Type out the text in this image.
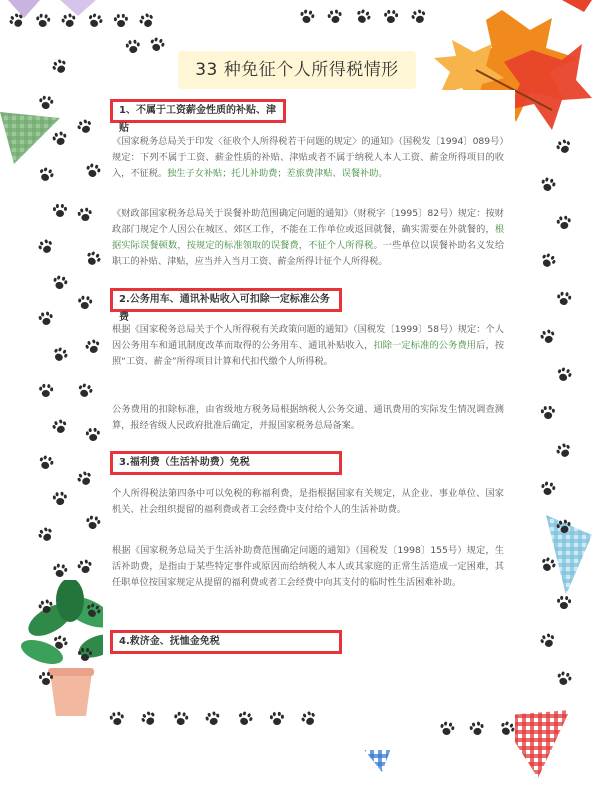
33 种免征个人所得税情形
1、不属于工资薪金性质的补贴、津贴
《国家税务总局关于印发〈征收个人所得税若干问题的规定〉的通知》（国税发〔1994〕089号）规定：下列不属于工资、薪金性质的补贴、津贴或者不属于纳税人本人工资、薪金所得项目的收入，不征税。独生子女补贴；托儿补助费；差旅费津贴、误餐补助。
《财政部国家税务总局关于误餐补助范围确定问题的通知》（财税字〔1995〕82号）规定：按财政部门规定个人因公在城区、郊区工作，不能在工作单位或返回就餐，确实需要在外就餐的，根据实际误餐顿数，按规定的标准领取的误餐费，不征个人所得税。一些单位以误餐补助名义发给职工的补贴、津贴，应当并入当月工资、薪金所得计征个人所得税。
2.公务用车、通讯补贴收入可扣除一定标准公务费
根据《国家税务总局关于个人所得税有关政策问题的通知》（国税发〔1999〕58号）规定：个人因公务用车和通讯制度改革而取得的公务用车、通讯补贴收入，扣除一定标准的公务费用后，按照“工资、薪金”所得项目计算和代扣代缴个人所得税。
公务费用的扣除标准，由省级地方税务局根据纳税人公务交通、通讯费用的实际发生情况调查测算，报经省级人民政府批准后确定，并报国家税务总局备案。
3.福利费（生活补助费）免税
个人所得税法第四条中可以免税的称福利费，是指根据国家有关规定，从企业、事业单位、国家机关、社会组织提留的福利费或者工会经费中支付给个人的生活补助费。
根据《国家税务总局关于生活补助费范围确定问题的通知》（国税发〔1998〕155号）规定，生活补助费，是指由于某些特定事件或原因而给纳税人本人或其家庭的正常生活造成一定困难，其任职单位按国家规定从提留的福利费或者工会经费中向其支付的临时性生活困难补助。
4.救济金、抚恤金免税
